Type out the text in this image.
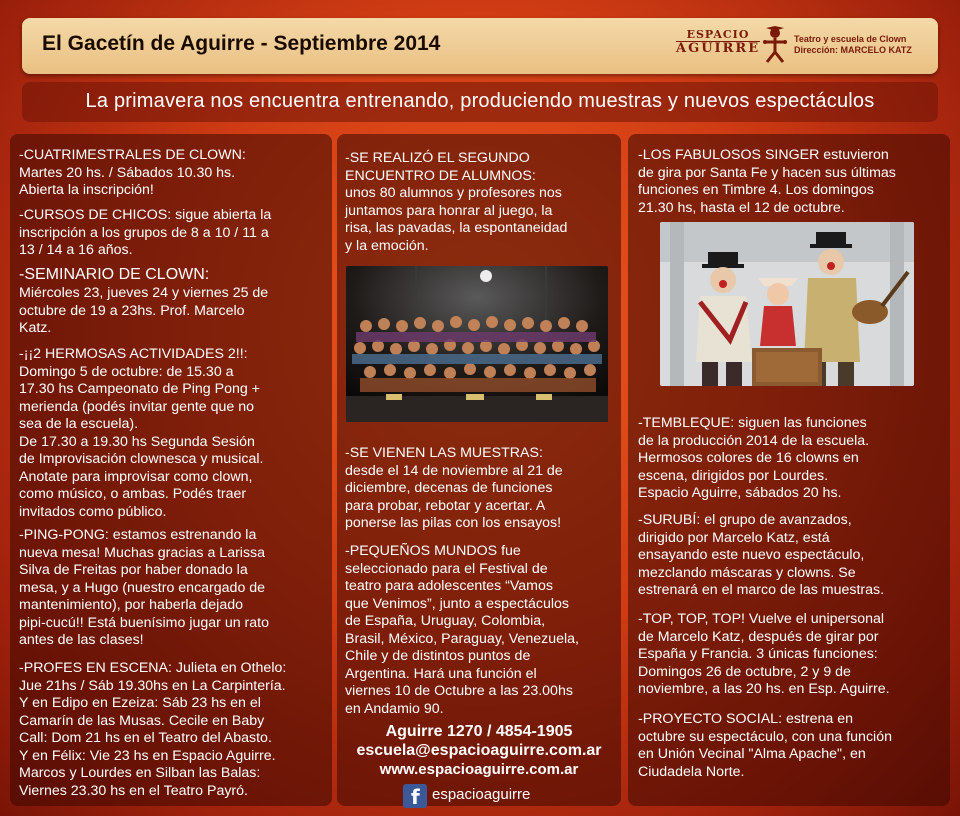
El Gacetín de Aguirre - Septiembre 2014	ESPACIO
AGUIRRE
Teatro y escuela de Clown
Dirección: MARCELO KATZ
La primavera nos encuentra entrenando, produciendo muestras y nuevos espectáculos

-CUATRIMESTRALES DE CLOWN:
Martes 20 hs. / Sábados 10.30 hs.
Abierta la inscripción!

-CURSOS DE CHICOS: sigue abierta la
inscripción a los grupos de 8 a 10 / 11 a
13 / 14 a 16 años.

-SEMINARIO DE CLOWN:

Miércoles 23, jueves 24 y viernes 25 de
octubre de 19 a 23hs. Prof. Marcelo
Katz.

-¡¡2 HERMOSAS ACTIVIDADES 2!!:
Domingo 5 de octubre: de 15.30 a
17.30 hs Campeonato de Ping Pong +
merienda (podés invitar gente que no
sea de la escuela).
De 17.30 a 19.30 hs Segunda Sesión
de Improvisación clownesca y musical.
Anotate para improvisar como clown,
como músico, o ambas. Podés traer
invitados como público.

-PING-PONG: estamos estrenando la
nueva mesa! Muchas gracias a Larissa
Silva de Freitas por haber donado la
mesa, y a Hugo (nuestro encargado de
mantenimiento), por haberla dejado
pipi-cucú!! Está buenísimo jugar un rato
antes de las clases!

-PROFES EN ESCENA: Julieta en Othelo:
Jue 21hs / Sáb 19.30hs en La Carpintería.
Y en Edipo en Ezeiza: Sáb 23 hs en el
Camarín de las Musas. Cecile en Baby
Call: Dom 21 hs en el Teatro del Abasto.
Y en Félix: Vie 23 hs en Espacio Aguirre.
Marcos y Lourdes en Silban las Balas:
Viernes 23.30 hs en el Teatro Payró.

-SE REALIZÓ EL SEGUNDO
ENCUENTRO DE ALUMNOS:
unos 80 alumnos y profesores nos
juntamos para honrar al juego, la
risa, las pavadas, la espontaneidad
y la emoción.

-SE VIENEN LAS MUESTRAS:
desde el 14 de noviembre al 21 de
diciembre, decenas de funciones
para probar, rebotar y acertar. A
ponerse las pilas con los ensayos!

-PEQUEÑOS MUNDOS fue
seleccionado para el Festival de
teatro para adolescentes “Vamos
que Venimos”, junto a espectáculos
de España, Uruguay, Colombia,
Brasil, México, Paraguay, Venezuela,
Chile y de distintos puntos de
Argentina. Hará una función el
viernes 10 de Octubre a las 23.00hs
en Andamio 90.

Aguirre 1270 / 4854-1905
escuela@espacioaguirre.com.ar
www.espacioaguirre.com.ar
f espacioaguirre

-LOS FABULOSOS SINGER estuvieron
de gira por Santa Fe y hacen sus últimas
funciones en Timbre 4. Los domingos
21.30 hs, hasta el 12 de octubre.

-TEMBLEQUE: siguen las funciones
de la producción 2014 de la escuela.
Hermosos colores de 16 clowns en
escena, dirigidos por Lourdes.
Espacio Aguirre, sábados 20 hs.

-SURUBÍ: el grupo de avanzados,
dirigido por Marcelo Katz, está
ensayando este nuevo espectáculo,
mezclando máscaras y clowns. Se
estrenará en el marco de las muestras.

-TOP, TOP, TOP! Vuelve el unipersonal
de Marcelo Katz, después de girar por
España y Francia. 3 únicas funciones:
Domingos 26 de octubre, 2 y 9 de
noviembre, a las 20 hs. en Esp. Aguirre.

-PROYECTO SOCIAL: estrena en
octubre su espectáculo, con una función
en Unión Vecinal "Alma Apache", en
Ciudadela Norte.
